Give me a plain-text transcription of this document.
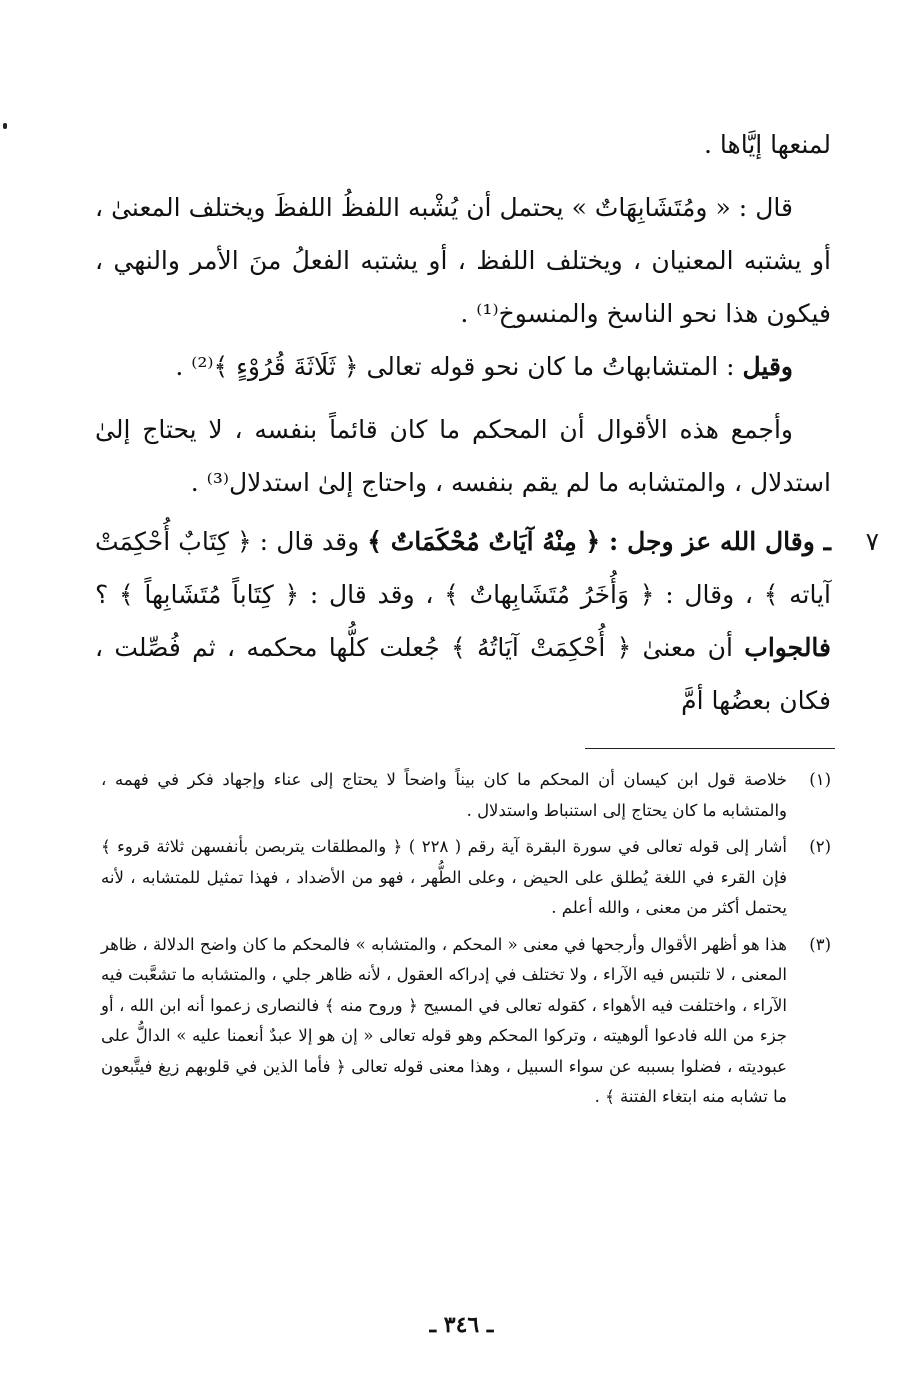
لمنعها إيَّاها .

قال : « ومُتَشَابِهَاتٌ » يحتمل أن يُشْبه اللفظُ اللفظَ ويختلف المعنىٰ ، أو يشتبه المعنيان ، ويختلف اللفظ ، أو يشتبه الفعلُ منَ الأمر والنهي ، فيكون هذا نحو الناسخ والمنسوخ⁽¹⁾ .

وقيل : المتشابهاتُ ما كان نحو قوله تعالى ﴿ ثَلَاثَةَ قُرُوْءٍ ﴾⁽²⁾ .

وأجمع هذه الأقوال أن المحكم ما كان قائماً بنفسه ، لا يحتاج إلىٰ استدلال ، والمتشابه ما لم يقم بنفسه ، واحتاج إلىٰ استدلال⁽³⁾ .

٧
ـ وقال الله عز وجل : ﴿ مِنْهُ آيَاتٌ مُحْكَمَاتٌ ﴾ وقد قال : ﴿ كِتَابٌ أُحْكِمَتْ آياته ﴾ ، وقال : ﴿ وَأُخَرُ مُتَشَابِهاتٌ ﴾ ، وقد قال : ﴿ كِتَاباً مُتَشَابِهاً ﴾ ؟ فالجواب أن معنىٰ ﴿ أُحْكِمَتْ آيَاتُهُ ﴾ جُعلت كلُّها محكمه ، ثم فُصِّلت ، فكان بعضُها أمَّ

(١)
خلاصة قول ابن كيسان أن المحكم ما كان بيناً واضحاً لا يحتاج إلى عناء وإجهاد فكر في فهمه ، والمتشابه ما كان يحتاج إلى استنباط واستدلال .
(٢)
أشار إلى قوله تعالى في سورة البقرة آية رقم ( ٢٢٨ ) ﴿ والمطلقات يتربصن بأنفسهن ثلاثة قروء ﴾ فإن القرء في اللغة يُطلق على الحيض ، وعلى الطُّهر ، فهو من الأضداد ، فهذا تمثيل للمتشابه ، لأنه يحتمل أكثر من معنى ، والله أعلم .
(٣)
هذا هو أظهر الأقوال وأرجحها في معنى « المحكم ، والمتشابه » فالمحكم ما كان واضح الدلالة ، ظاهر المعنى ، لا تلتبس فيه الآراء ، ولا تختلف في إدراكه العقول ، لأنه ظاهر جلي ، والمتشابه ما تشعَّبت فيه الآراء ، واختلفت فيه الأهواء ، كقوله تعالى في المسيح ﴿ وروح منه ﴾ فالنصارى زعموا أنه ابن الله ، أو جزء من الله فادعوا ألوهيته ، وتركوا المحكم وهو قوله تعالى « إن هو إلا عبدٌ أنعمنا عليه » الدالُّ على عبوديته ، فضلوا بسببه عن سواء السبيل ، وهذا معنى قوله تعالى ﴿ فأما الذين في قلوبهم زيغ فيتَّبعون ما تشابه منه ابتغاء الفتنة ﴾ .
ـ ٣٤٦ ـ
